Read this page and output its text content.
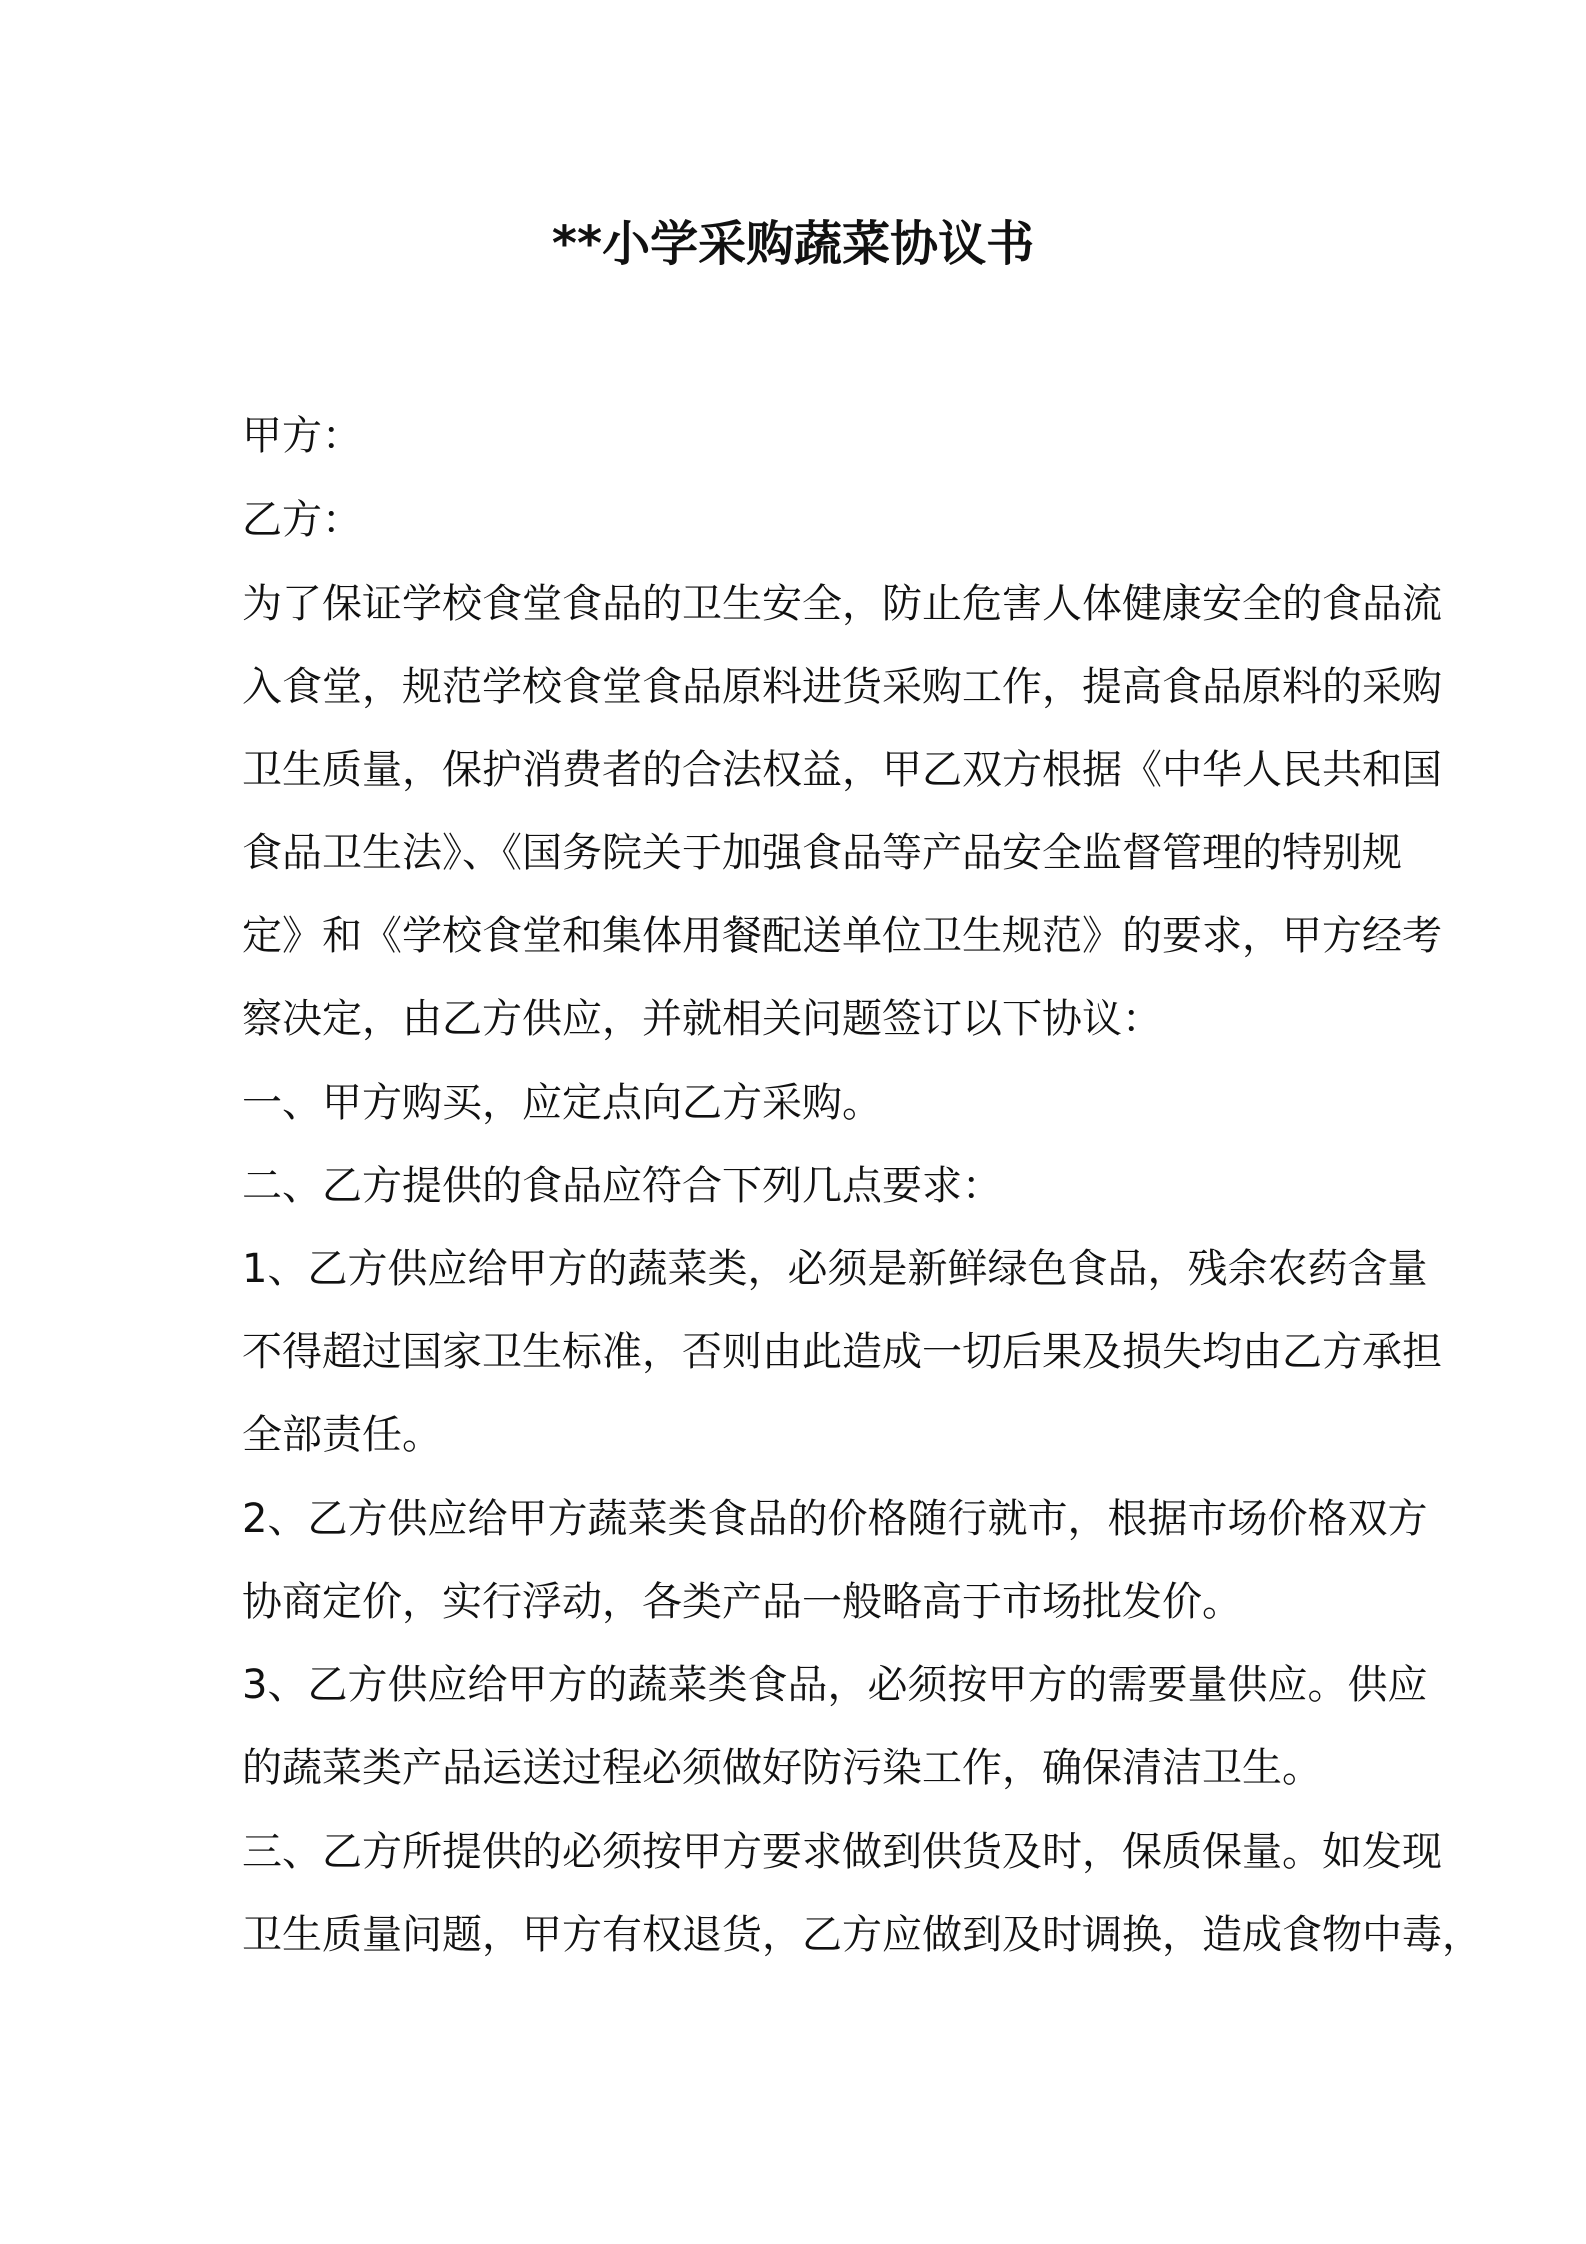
**小学采购蔬菜协议书
甲方：
乙方：
为了保证学校食堂食品的卫生安全，防止危害人体健康安全的食品流
入食堂，规范学校食堂食品原料进货采购工作，提高食品原料的采购
卫生质量，保护消费者的合法权益，甲乙双方根据《中华人民共和国
食品卫生法》、《国务院关于加强食品等产品安全监督管理的特别规
定》和《学校食堂和集体用餐配送单位卫生规范》的要求，甲方经考
察决定，由乙方供应，并就相关问题签订以下协议：
一、甲方购买，应定点向乙方采购。
二、乙方提供的食品应符合下列几点要求：
1、乙方供应给甲方的蔬菜类，必须是新鲜绿色食品，残余农药含量
不得超过国家卫生标准，否则由此造成一切后果及损失均由乙方承担
全部责任。
2、乙方供应给甲方蔬菜类食品的价格随行就市，根据市场价格双方
协商定价，实行浮动，各类产品一般略高于市场批发价。
3、乙方供应给甲方的蔬菜类食品，必须按甲方的需要量供应。供应
的蔬菜类产品运送过程必须做好防污染工作，确保清洁卫生。
三、乙方所提供的必须按甲方要求做到供货及时，保质保量。如发现
卫生质量问题，甲方有权退货，乙方应做到及时调换，造成食物中毒，
